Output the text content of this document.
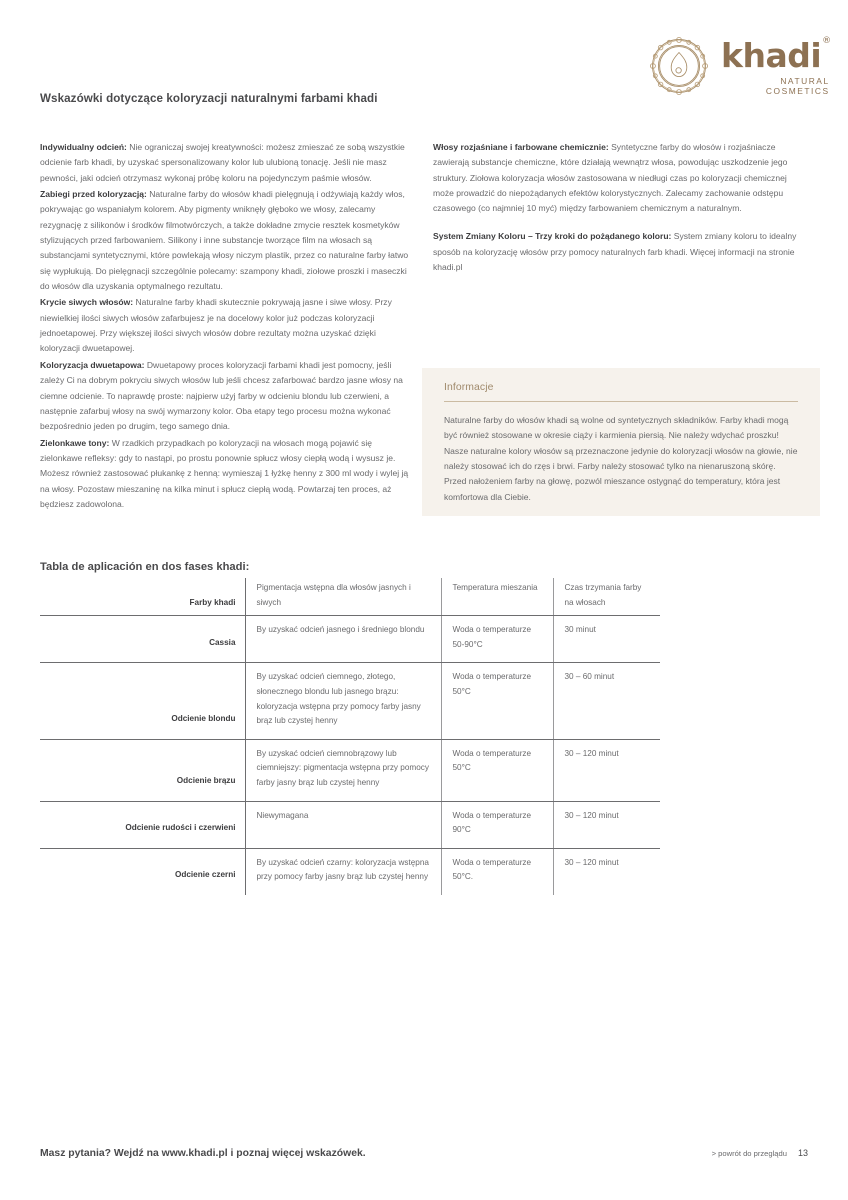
khadi®
NATURAL COSMETICS
Wskazówki dotyczące koloryzacji naturalnymi farbami khadi

Indywidualny odcień: Nie ograniczaj swojej kreatywności: możesz zmieszać ze sobą wszystkie odcienie farb khadi, by uzyskać spersonalizowany kolor lub ulubioną tonację. Jeśli nie masz pewności, jaki odcień otrzymasz wykonaj próbę koloru na pojedynczym paśmie włosów.

Zabiegi przed koloryzacją: Naturalne farby do włosów khadi pielęgnują i odżywiają każdy włos, pokrywając go wspaniałym kolorem. Aby pigmenty wniknęły głęboko we włosy, zalecamy rezygnację z silikonów i środków filmotwórczych, a także dokładne zmycie resztek kosmetyków stylizujących przed farbowaniem. Silikony i inne substancje tworzące film na włosach są substancjami syntetycznymi, które powlekają włosy niczym plastik, przez co naturalne farby łatwo się wypłukują. Do pielęgnacji szczególnie polecamy: szampony khadi, ziołowe proszki i maseczki do włosów dla uzyskania optymalnego rezultatu.

Krycie siwych włosów: Naturalne farby khadi skutecznie pokrywają jasne i siwe włosy. Przy niewielkiej ilości siwych włosów zafarbujesz je na docelowy kolor już podczas koloryzacji jednoetapowej. Przy większej ilości siwych włosów dobre rezultaty można uzyskać dzięki koloryzacji dwuetapowej.

Koloryzacja dwuetapowa: Dwuetapowy proces koloryzacji farbami khadi jest pomocny, jeśli zależy Ci na dobrym pokryciu siwych włosów lub jeśli chcesz zafarbować bardzo jasne włosy na ciemne odcienie. To naprawdę proste: najpierw użyj farby w odcieniu blondu lub czerwieni, a następnie zafarbuj włosy na swój wymarzony kolor. Oba etapy tego procesu można wykonać bezpośrednio jeden po drugim, tego samego dnia.

Zielonkawe tony: W rzadkich przypadkach po koloryzacji na włosach mogą pojawić się zielonkawe refleksy: gdy to nastąpi, po prostu ponownie spłucz włosy ciepłą wodą i wysusz je. Możesz również zastosować płukankę z henną: wymieszaj 1 łyżkę henny z 300 ml wody i wylej ją na włosy. Pozostaw mieszaninę na kilka minut i spłucz ciepłą wodą. Powtarzaj ten proces, aż będziesz zadowolona.

Włosy rozjaśniane i farbowane chemicznie: Syntetyczne farby do włosów i rozjaśniacze zawierają substancje chemiczne, które działają wewnątrz włosa, powodując uszkodzenie jego struktury. Ziołowa koloryzacja włosów zastosowana w niedługi czas po koloryzacji chemicznej może prowadzić do niepożądanych efektów kolorystycznych. Zalecamy zachowanie odstępu czasowego (co najmniej 10 myć) między farbowaniem chemicznym a naturalnym.

System Zmiany Koloru – Trzy kroki do pożądanego koloru: System zmiany koloru to idealny sposób na koloryzację włosów przy pomocy naturalnych farb khadi. Więcej informacji na stronie khadi.pl

Informacje
Naturalne farby do włosów khadi są wolne od syntetycznych składników. Farby khadi mogą być również stosowane w okresie ciąży i karmienia piersią. Nie należy wdychać proszku! Nasze naturalne kolory włosów są przeznaczone jedynie do koloryzacji włosów na głowie, nie należy stosować ich do rzęs i brwi. Farby należy stosować tylko na nienaruszoną skórę. Przed nałożeniem farby na głowę, pozwól mieszance ostygnąć do temperatury, która jest komfortowa dla Ciebie.
Tabla de aplicación en dos fases khadi:
Farby khadi	Pigmentacja wstępna dla włosów jasnych i siwych	Temperatura mieszania	Czas trzymania farby na włosach
Cassia	By uzyskać odcień jasnego i średniego blondu	Woda o temperaturze 50-90°C	30 minut
Odcienie blondu	By uzyskać odcień ciemnego, złotego, słonecznego blondu lub jasnego brązu: koloryzacja wstępna przy pomocy farby jasny brąz lub czystej henny	Woda o temperaturze 50°C	30 – 60 minut
Odcienie brązu	By uzyskać odcień ciemnobrązowy lub ciemniejszy: pigmentacja wstępna przy pomocy farby jasny brąz lub czystej henny	Woda o temperaturze 50°C	30 – 120 minut
Odcienie rudości i czerwieni	Niewymagana	Woda o temperaturze 90°C	30 – 120 minut
Odcienie czerni	By uzyskać odcień czarny: koloryzacja wstępna przy pomocy farby jasny brąz lub czystej henny	Woda o temperaturze 50°C.	30 – 120 minut
Masz pytania? Wejdź na www.khadi.pl i poznaj więcej wskazówek.	> powrót do przeglądu 13
